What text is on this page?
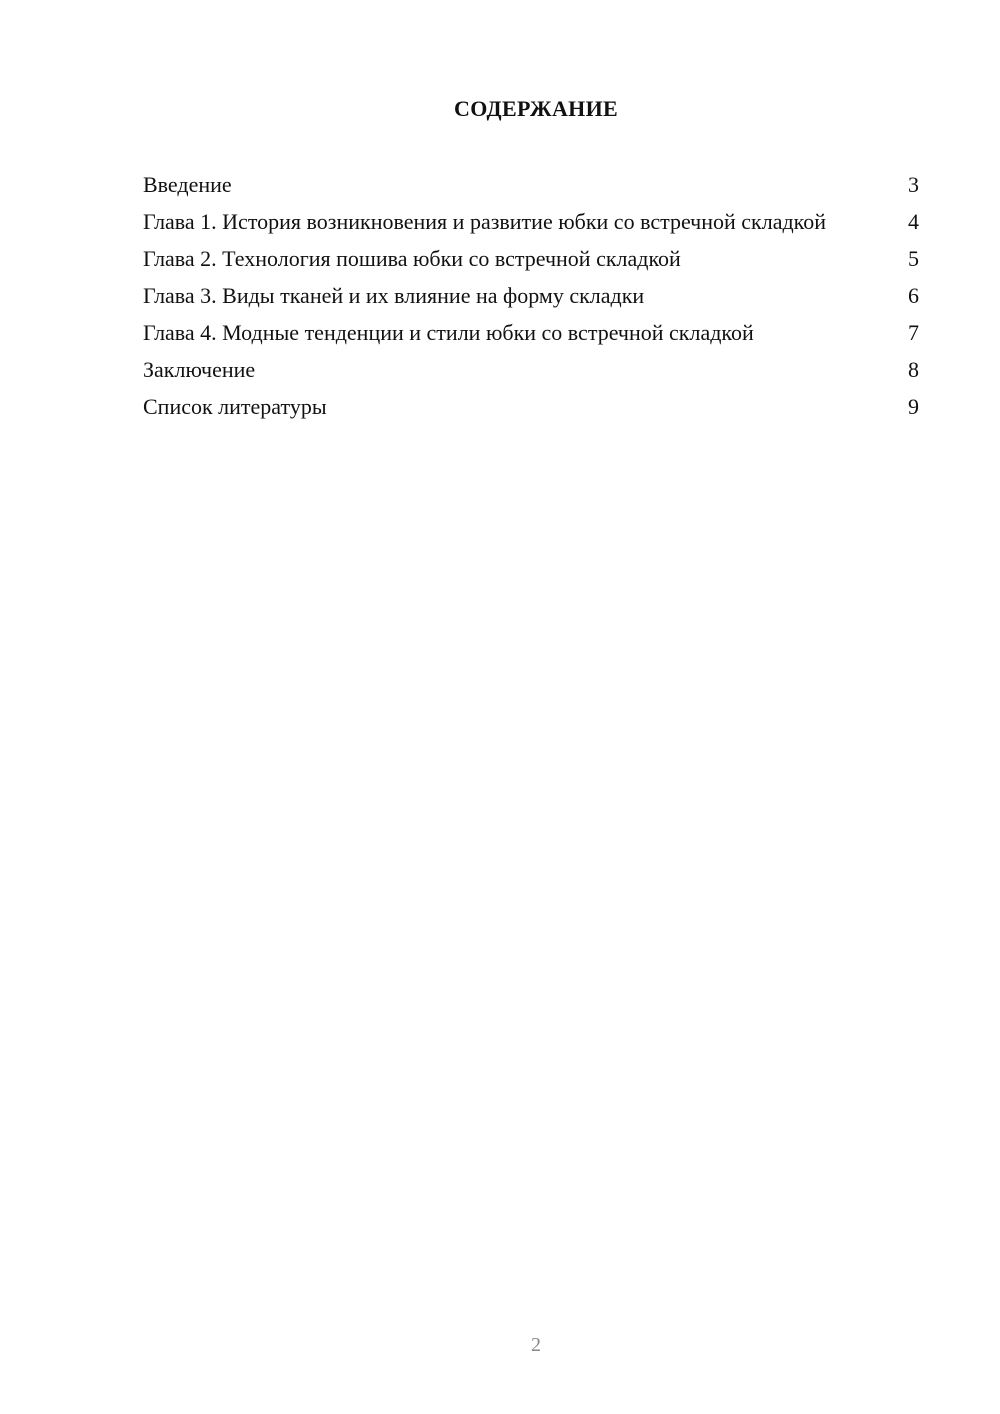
СОДЕРЖАНИЕ
Введение	3
Глава 1. История возникновения и развитие юбки со встречной складкой	4
Глава 2. Технология пошива юбки со встречной складкой	5
Глава 3. Виды тканей и их влияние на форму складки	6
Глава 4. Модные тенденции и стили юбки со встречной складкой	7
Заключение	8
Список литературы	9
2
